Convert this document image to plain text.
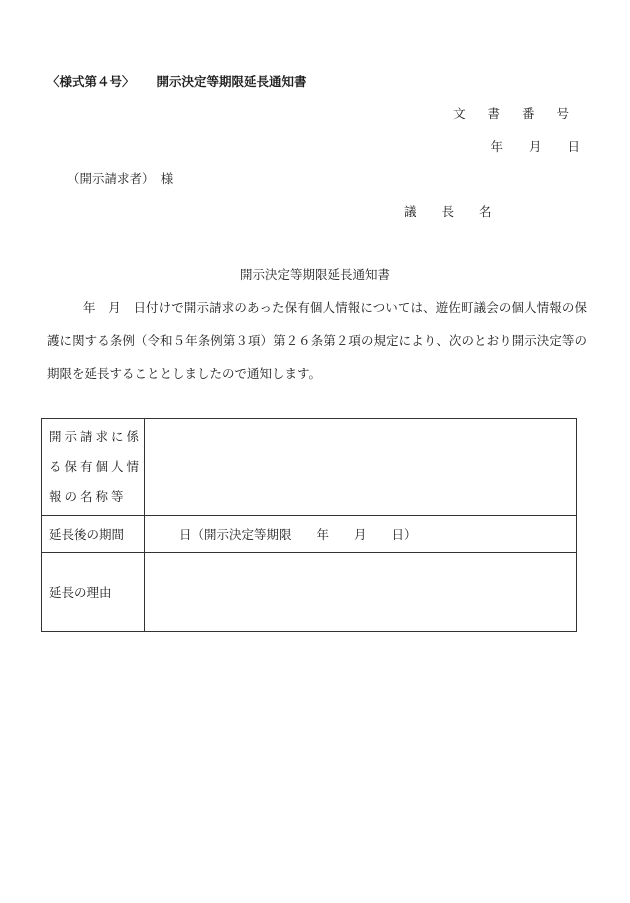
〈様式第４号〉 開示決定等期限延長通知書
文 書 番 号
年 月 日
（開示請求者）　様
議　　長　　名
開示決定等期限延長通知書
年　月　日付けで開示請求のあった保有個人情報については、遊佐町議会の個人情報の保護に関する条例（令和５年条例第３項）第２６条第２項の規定により、次のとおり開示決定等の期限を延長することとしましたので通知します。
開示請求に係る保有個人情報の名称等	
延長後の期間	日（開示決定等期限　　年　　月　　日）
延長の理由	
